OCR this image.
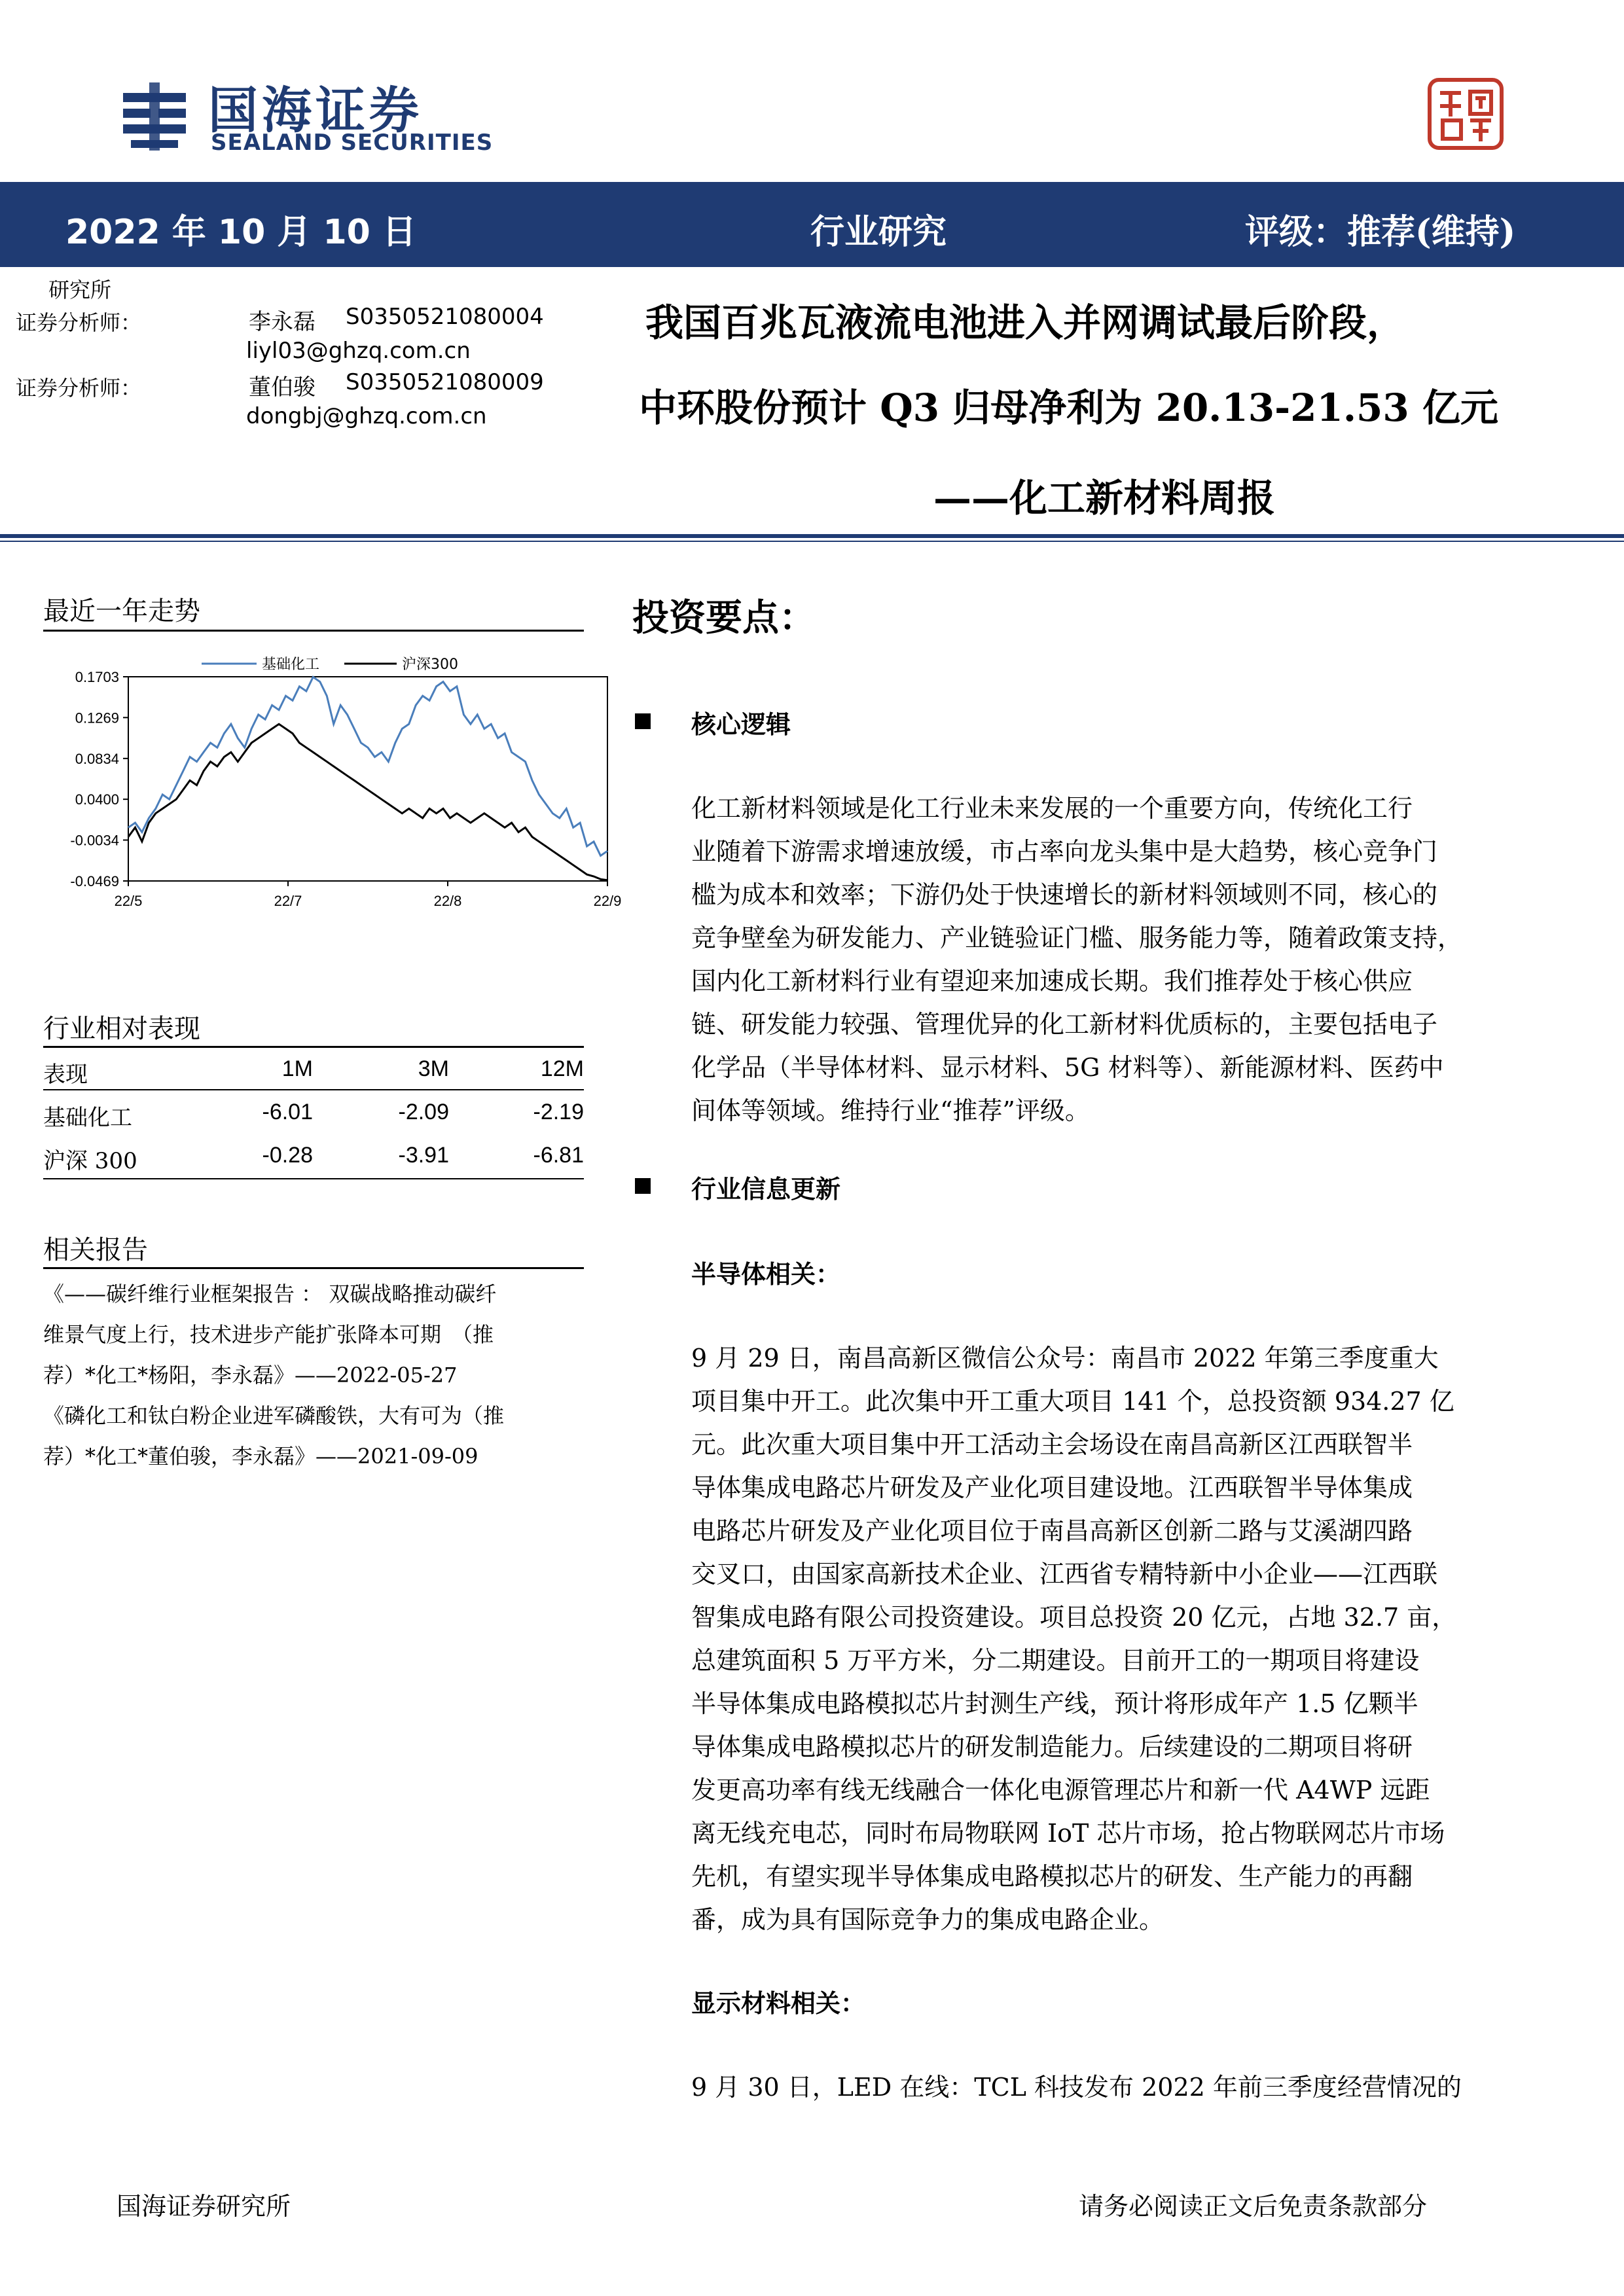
国海证券
SEALAND SECURITIES
2022 年 10 月 10 日	行业研究	评级：推荐(维持)
研究所
证券分析师：	李永磊 S0350521080004
liyl03@ghzq.com.cn
证券分析师：	董伯骏 S0350521080009
dongbj@ghzq.com.cn
我国百兆瓦液流电池进入并网调试最后阶段，
中环股份预计 Q3 归母净利为 20.13-21.53 亿元
——化工新材料周报
最近一年走势
基础化工	沪深300
0.1703
0.1269
0.0834
0.0400
-0.0034
-0.0469
22/5	22/7	22/8	22/9
行业相对表现
表现	1M	3M	12M
基础化工	-6.01	-2.09	-2.19
沪深 300	-0.28	-3.91	-6.81
相关报告
《——碳纤维行业框架报告 ： 双碳战略推动碳纤
维景气度上行，技术进步产能扩张降本可期　（推
荐）*化工*杨阳，李永磊》——2022-05-27
《磷化工和钛白粉企业进军磷酸铁，大有可为（推
荐）*化工*董伯骏，李永磊》——2021-09-09
投资要点：
核心逻辑
化工新材料领域是化工行业未来发展的一个重要方向，传统化工行
业随着下游需求增速放缓，市占率向龙头集中是大趋势，核心竞争门
槛为成本和效率；下游仍处于快速增长的新材料领域则不同，核心的
竞争壁垒为研发能力、产业链验证门槛、服务能力等，随着政策支持，
国内化工新材料行业有望迎来加速成长期。我们推荐处于核心供应
链、研发能力较强、管理优异的化工新材料优质标的，主要包括电子
化学品（半导体材料、显示材料、5G 材料等）、新能源材料、医药中
间体等领域。维持行业“推荐”评级。
行业信息更新
半导体相关：
9 月 29 日，南昌高新区微信公众号：南昌市 2022 年第三季度重大
项目集中开工。此次集中开工重大项目 141 个，总投资额 934.27 亿
元。此次重大项目集中开工活动主会场设在南昌高新区江西联智半
导体集成电路芯片研发及产业化项目建设地。江西联智半导体集成
电路芯片研发及产业化项目位于南昌高新区创新二路与艾溪湖四路
交叉口，由国家高新技术企业、江西省专精特新中小企业——江西联
智集成电路有限公司投资建设。项目总投资 20 亿元，占地 32.7 亩，
总建筑面积 5 万平方米，分二期建设。目前开工的一期项目将建设
半导体集成电路模拟芯片封测生产线，预计将形成年产 1.5 亿颗半
导体集成电路模拟芯片的研发制造能力。后续建设的二期项目将研
发更高功率有线无线融合一体化电源管理芯片和新一代 A4WP 远距
离无线充电芯，同时布局物联网 IoT 芯片市场，抢占物联网芯片市场
先机，有望实现半导体集成电路模拟芯片的研发、生产能力的再翻
番，成为具有国际竞争力的集成电路企业。
显示材料相关：
9 月 30 日，LED 在线：TCL 科技发布 2022 年前三季度经营情况的
国海证券研究所	请务必阅读正文后免责条款部分
